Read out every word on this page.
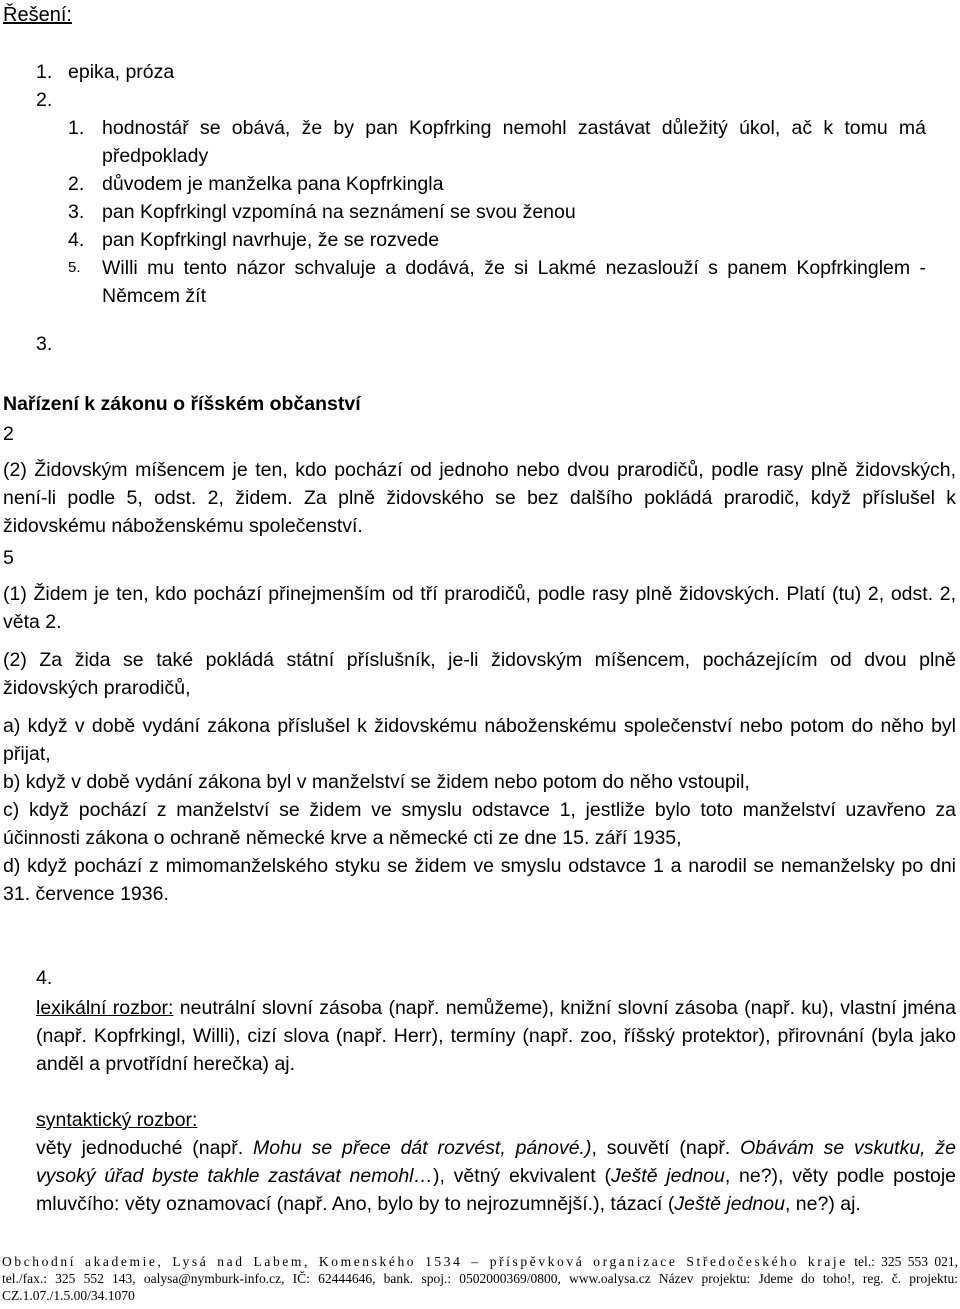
Řešení:

1. epika, próza
2.
1. hodnostář se obává, že by pan Kopfrking nemohl zastávat důležitý úkol, ač k tomu má předpoklady
2. důvodem je manželka pana Kopfrkingla
3. pan Kopfrkingl vzpomíná na seznámení se svou ženou
4. pan Kopfrkingl navrhuje, že se rozvede
5. Willi mu tento názor schvaluje a dodává, že si Lakmé nezaslouží s panem Kopfrkinglem - Němcem žít
3.

Nařízení k zákonu o říšském občanství

2

(2) Židovským míšencem je ten, kdo pochází od jednoho nebo dvou prarodičů, podle rasy plně židovských, není-li podle 5, odst. 2, židem. Za plně židovského se bez dalšího pokládá prarodič, když příslušel k židovskému náboženskému společenství.

5

(1) Židem je ten, kdo pochází přinejmenším od tří prarodičů, podle rasy plně židovských. Platí (tu) 2, odst. 2, věta 2.

(2) Za žida se také pokládá státní příslušník, je-li židovským míšencem, pocházejícím od dvou plně židovských prarodičů,

a) když v době vydání zákona příslušel k židovskému náboženskému společenství nebo potom do něho byl přijat,

b) když v době vydání zákona byl v manželství se židem nebo potom do něho vstoupil,

c) když pochází z manželství se židem ve smyslu odstavce 1, jestliže bylo toto manželství uzavřeno za účinnosti zákona o ochraně německé krve a německé cti ze dne 15. září 1935,

d) když pochází z mimomanželského styku se židem ve smyslu odstavce 1 a narodil se nemanželsky po dni 31. července 1936.

4.

lexikální rozbor: neutrální slovní zásoba (např. nemůžeme), knižní slovní zásoba (např. ku), vlastní jména (např. Kopfrkingl, Willi), cizí slova (např. Herr), termíny (např. zoo, říšský protektor), přirovnání (byla jako anděl a prvotřídní herečka) aj.

syntaktický rozbor:

věty jednoduché (např. Mohu se přece dát rozvést, pánové.), souvětí (např. Obávám se vskutku, že vysoký úřad byste takhle zastávat nemohl…), větný ekvivalent (Ještě jednou, ne?), věty podle postoje mluvčího: věty oznamovací (např. Ano, bylo by to nejrozumnější.), tázací (Ještě jednou, ne?) aj.

Obchodní akademie, Lysá nad Labem, Komenského 1534 – příspěvková organizace Středočeského kraje tel.: 325 553 021, tel./fax.: 325 552 143, oalysa@nymburk-info.cz, IČ: 62444646, bank. spoj.: 0502000369/0800, www.oalysa.cz Název projektu: Jdeme do toho!, reg. č. projektu: CZ.1.07./1.5.00/34.1070
